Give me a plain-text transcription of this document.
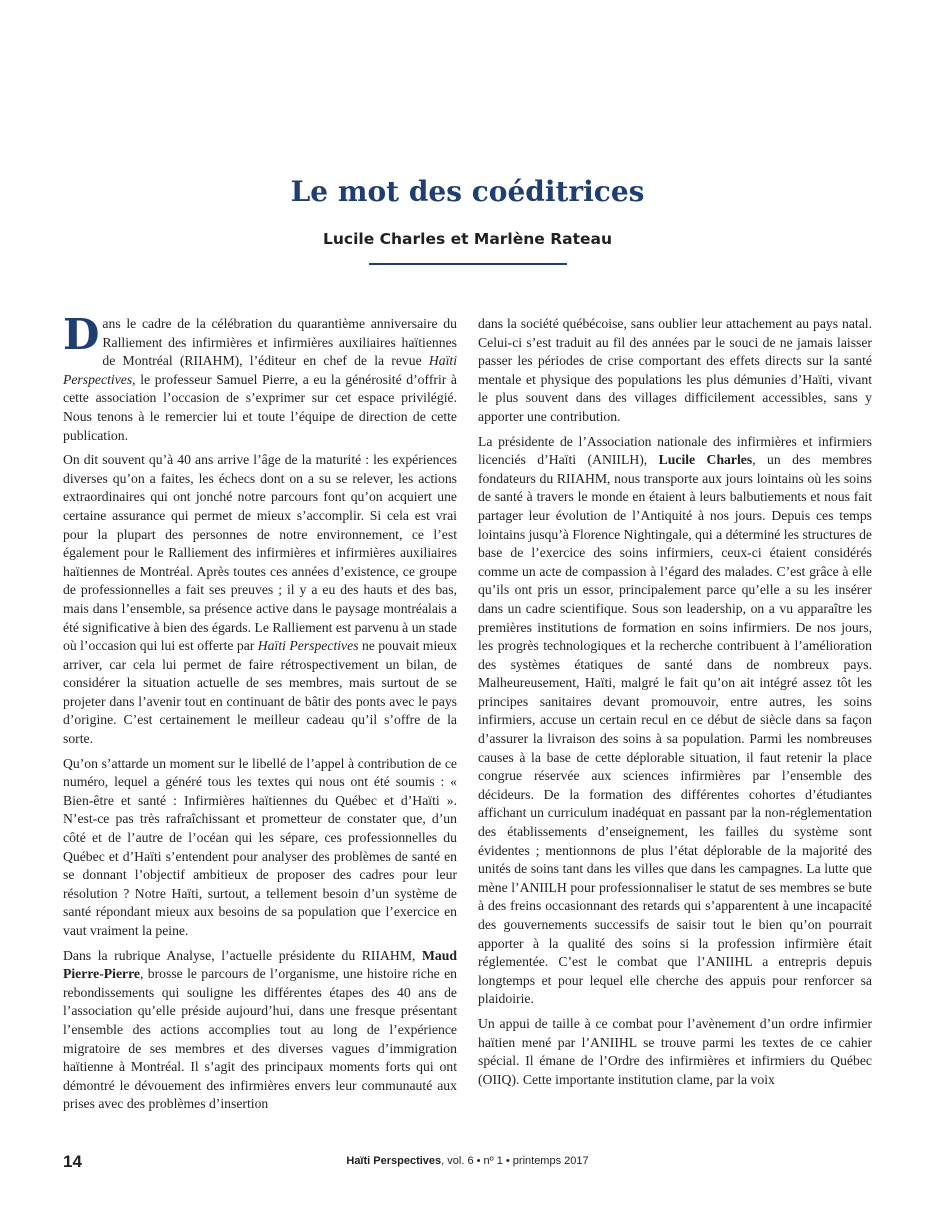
Le mot des coéditrices
Lucile Charles et Marlène Rateau

Dans le cadre de la célébration du quarantième anniversaire du Ralliement des infirmières et infirmières auxiliaires haïtiennes de Montréal (RIIAHM), l’éditeur en chef de la revue Haïti Perspectives, le professeur Samuel Pierre, a eu la générosité d’offrir à cette association l’occasion de s’exprimer sur cet espace privilégié. Nous tenons à le remercier lui et toute l’équipe de direction de cette publication.

On dit souvent qu’à 40 ans arrive l’âge de la maturité : les expériences diverses qu’on a faites, les échecs dont on a su se relever, les actions extraordinaires qui ont jonché notre parcours font qu’on acquiert une certaine assurance qui permet de mieux s’accomplir. Si cela est vrai pour la plupart des personnes de notre environnement, ce l’est également pour le Ralliement des infirmières et infirmières auxiliaires haïtiennes de Montréal. Après toutes ces années d’existence, ce groupe de professionnelles a fait ses preuves ; il y a eu des hauts et des bas, mais dans l’ensemble, sa présence active dans le paysage montréalais a été significative à bien des égards. Le Ralliement est parvenu à un stade où l’occasion qui lui est offerte par Haïti Perspectives ne pouvait mieux arriver, car cela lui permet de faire rétrospectivement un bilan, de considérer la situation actuelle de ses membres, mais surtout de se projeter dans l’avenir tout en continuant de bâtir des ponts avec le pays d’origine. C’est certainement le meilleur cadeau qu’il s’offre de la sorte.

Qu’on s’attarde un moment sur le libellé de l’appel à contribution de ce numéro, lequel a généré tous les textes qui nous ont été soumis : « Bien-être et santé : Infirmières haïtiennes du Québec et d’Haïti ». N’est-ce pas très rafraîchissant et prometteur de constater que, d’un côté et de l’autre de l’océan qui les sépare, ces professionnelles du Québec et d’Haïti s’entendent pour analyser des problèmes de santé en se donnant l’objectif ambitieux de proposer des cadres pour leur résolution ? Notre Haïti, surtout, a tellement besoin d’un système de santé répondant mieux aux besoins de sa population que l’exercice en vaut vraiment la peine.

Dans la rubrique Analyse, l’actuelle présidente du RIIAHM, Maud Pierre-Pierre, brosse le parcours de l’organisme, une histoire riche en rebondissements qui souligne les différentes étapes des 40 ans de l’association qu’elle préside aujourd’hui, dans une fresque présentant l’ensemble des actions accomplies tout au long de l’expérience migratoire de ses membres et des diverses vagues d’immigration haïtienne à Montréal. Il s’agit des principaux moments forts qui ont démontré le dévouement des infirmières envers leur communauté aux prises avec des problèmes d’insertion

dans la société québécoise, sans oublier leur attachement au pays natal. Celui-ci s’est traduit au fil des années par le souci de ne jamais laisser passer les périodes de crise comportant des effets directs sur la santé mentale et physique des populations les plus démunies d’Haïti, vivant le plus souvent dans des villages difficilement accessibles, sans y apporter une contribution.

La présidente de l’Association nationale des infirmières et infirmiers licenciés d’Haïti (ANIILH), Lucile Charles, un des membres fondateurs du RIIAHM, nous transporte aux jours lointains où les soins de santé à travers le monde en étaient à leurs balbutiements et nous fait partager leur évolution de l’Antiquité à nos jours. Depuis ces temps lointains jusqu’à Florence Nightingale, qui a déterminé les structures de base de l’exercice des soins infirmiers, ceux-ci étaient considérés comme un acte de compassion à l’égard des malades. C’est grâce à elle qu’ils ont pris un essor, principalement parce qu’elle a su les insérer dans un cadre scientifique. Sous son leadership, on a vu apparaître les premières institutions de formation en soins infirmiers. De nos jours, les progrès technologiques et la recherche contribuent à l’amélioration des systèmes étatiques de santé dans de nombreux pays. Malheureusement, Haïti, malgré le fait qu’on ait intégré assez tôt les principes sanitaires devant promouvoir, entre autres, les soins infirmiers, accuse un certain recul en ce début de siècle dans sa façon d’assurer la livraison des soins à sa population. Parmi les nombreuses causes à la base de cette déplorable situation, il faut retenir la place congrue réservée aux sciences infirmières par l’ensemble des décideurs. De la formation des différentes cohortes d’étudiantes affichant un curriculum inadéquat en passant par la non-réglementation des établissements d’enseignement, les failles du système sont évidentes ; mentionnons de plus l’état déplorable de la majorité des unités de soins tant dans les villes que dans les campagnes. La lutte que mène l’ANIILH pour professionnaliser le statut de ses membres se bute à des freins occasionnant des retards qui s’apparentent à une incapacité des gouvernements successifs de saisir tout le bien qu’on pourrait apporter à la qualité des soins si la profession infirmière était réglementée. C’est le combat que l’ANIIHL a entrepris depuis longtemps et pour lequel elle cherche des appuis pour renforcer sa plaidoirie.

Un appui de taille à ce combat pour l’avènement d’un ordre infirmier haïtien mené par l’ANIIHL se trouve parmi les textes de ce cahier spécial. Il émane de l’Ordre des infirmières et infirmiers du Québec (OIIQ). Cette importante institution clame, par la voix

14	Haïti Perspectives, vol. 6 • nº 1 • printemps 2017
